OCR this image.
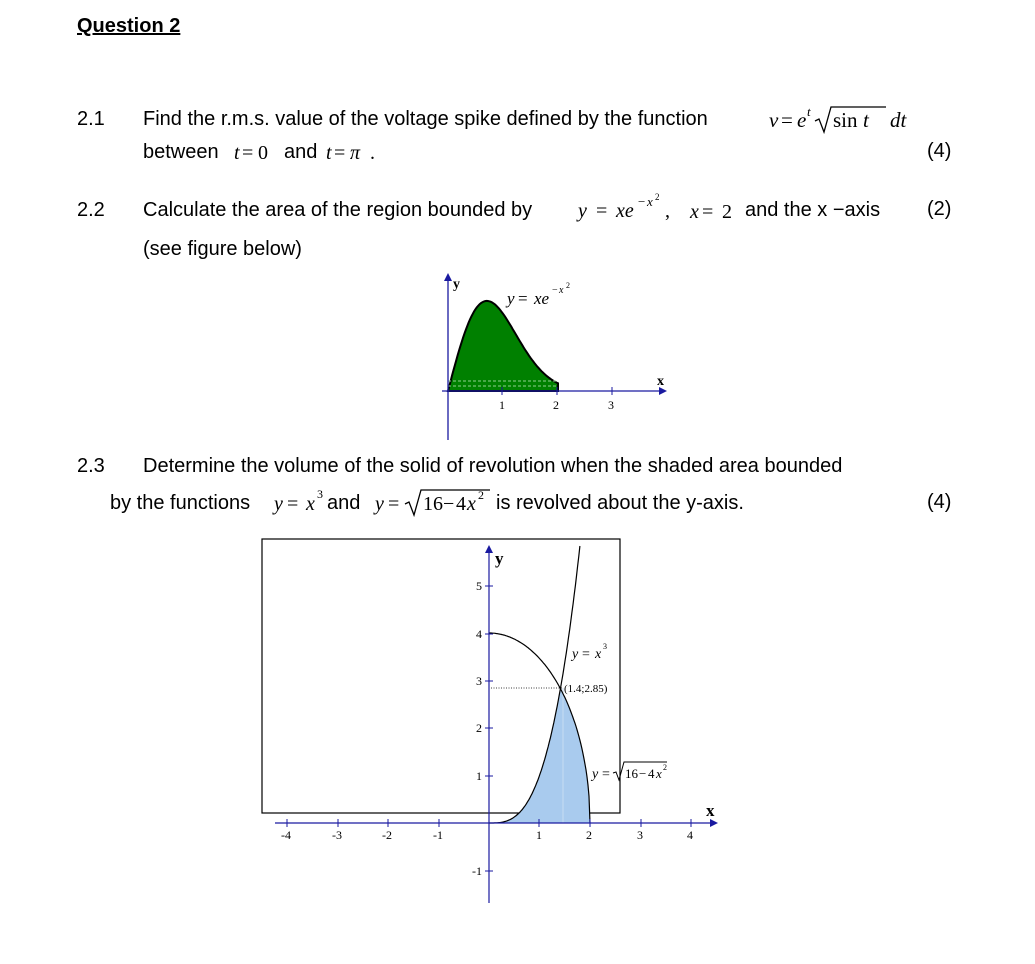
Question 2
2.1 Find the r.m.s. value of the voltage spike defined by the function	v = e t sin t dt
between t = 0 and t = π .	(4)
2.2 Calculate the area of the region bounded by y = xe − x 2
, x = 2 and the x −axis (2)
(see figure below)
1	2	3
y
x
y = xe − x 2
2.3 Determine the volume of the solid of revolution when the shaded area bounded
by the functions y = x 3 and y = 16 − 4 x 2 is revolved about the y-axis.	(4)
-4	-3	-2	-1	1	2	3	4
5
4
3
2
1
-1
y
x
y = x
3
(1.4;2.85)
y = 16 − 4 x 2
